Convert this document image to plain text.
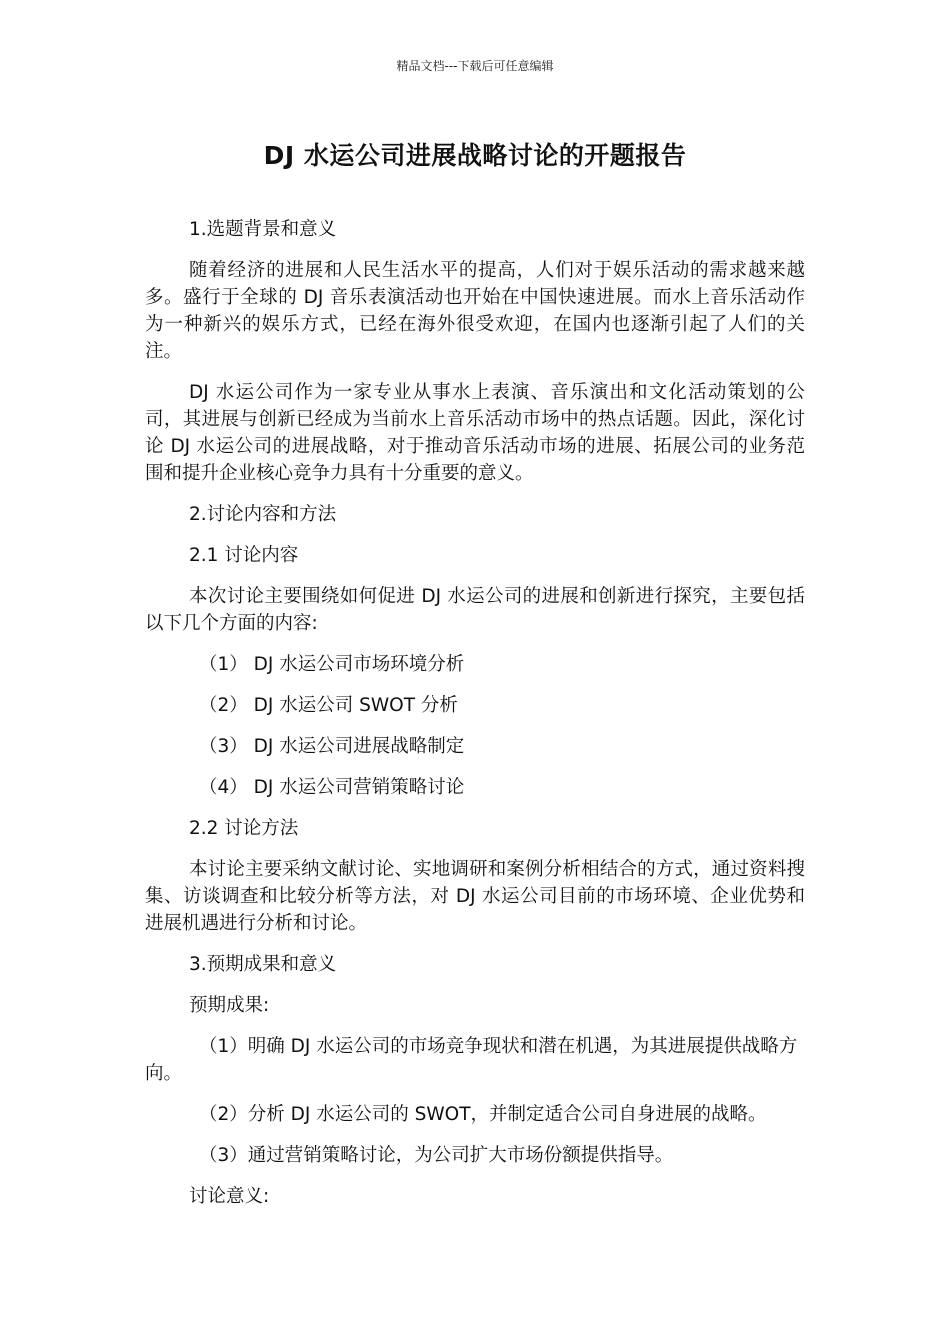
精品文档---下载后可任意编辑
DJ 水运公司进展战略讨论的开题报告
1.选题背景和意义

随着经济的进展和人民生活水平的提高，人们对于娱乐活动的需求越来越多。盛行于全球的 DJ 音乐表演活动也开始在中国快速进展。而水上音乐活动作为一种新兴的娱乐方式，已经在海外很受欢迎，在国内也逐渐引起了人们的关注。

DJ 水运公司作为一家专业从事水上表演、音乐演出和文化活动策划的公司，其进展与创新已经成为当前水上音乐活动市场中的热点话题。因此，深化讨论 DJ 水运公司的进展战略，对于推动音乐活动市场的进展、拓展公司的业务范围和提升企业核心竞争力具有十分重要的意义。

2.讨论内容和方法
2.1 讨论内容

本次讨论主要围绕如何促进 DJ 水运公司的进展和创新进行探究，主要包括以下几个方面的内容:

（1） DJ 水运公司市场环境分析
（2） DJ 水运公司 SWOT 分析
（3） DJ 水运公司进展战略制定
（4） DJ 水运公司营销策略讨论
2.2 讨论方法

本讨论主要采纳文献讨论、实地调研和案例分析相结合的方式，通过资料搜集、访谈调查和比较分析等方法，对 DJ 水运公司目前的市场环境、企业优势和进展机遇进行分析和讨论。

3.预期成果和意义
预期成果:

（1）明确 DJ 水运公司的市场竞争现状和潜在机遇，为其进展提供战略方向。

（2）分析 DJ 水运公司的 SWOT，并制定适合公司自身进展的战略。

（3）通过营销策略讨论，为公司扩大市场份额提供指导。

讨论意义:
